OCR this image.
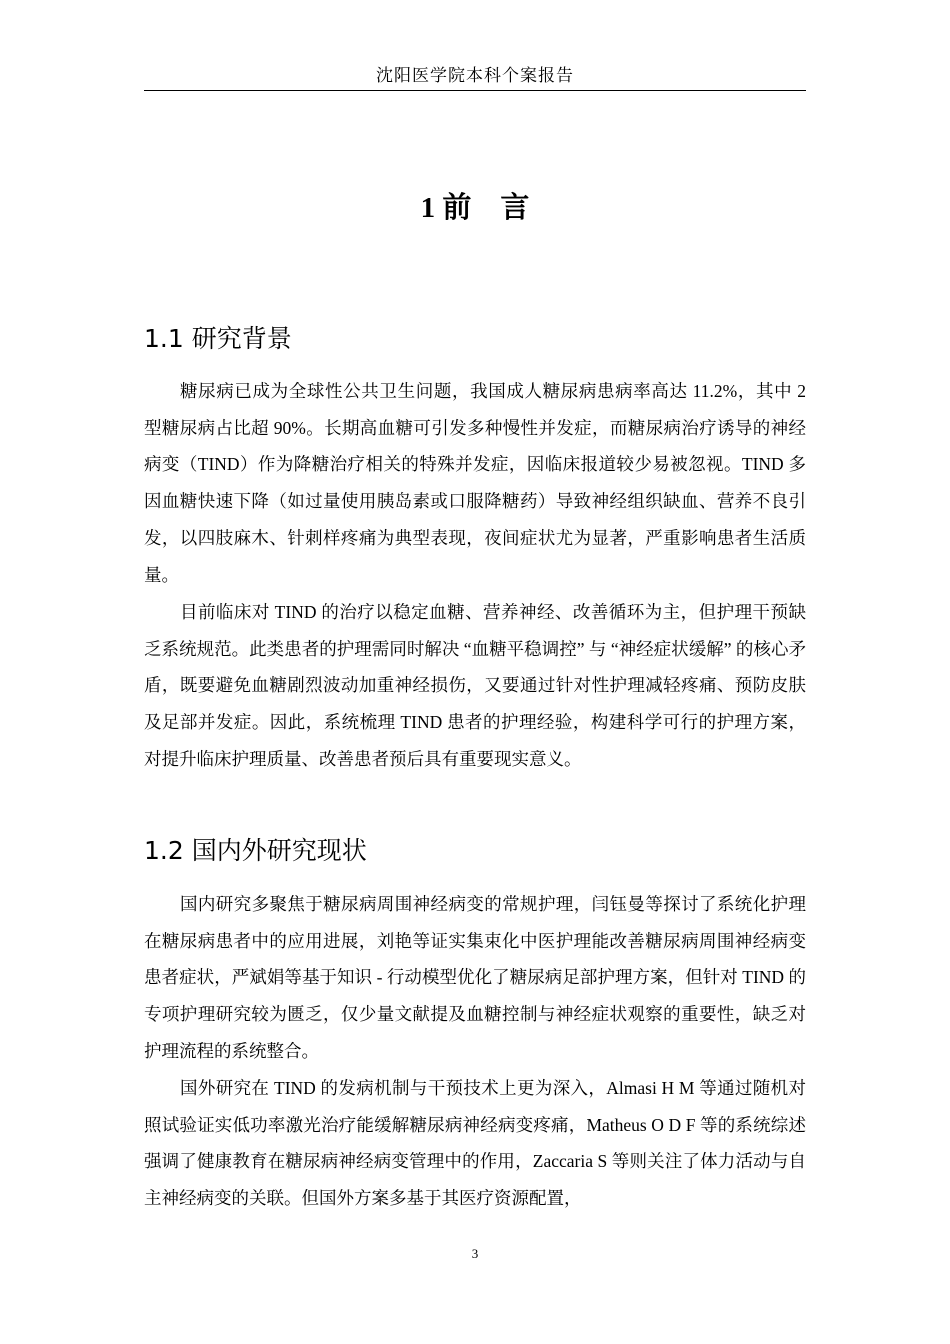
沈阳医学院本科个案报告
1 前　言
1.1 研究背景

糖尿病已成为全球性公共卫生问题，我国成人糖尿病患病率高达 11.2%，其中 2 型糖尿病占比超 90%。长期高血糖可引发多种慢性并发症，而糖尿病治疗诱导的神经病变（TIND）作为降糖治疗相关的特殊并发症，因临床报道较少易被忽视。TIND 多因血糖快速下降（如过量使用胰岛素或口服降糖药）导致神经组织缺血、营养不良引发，以四肢麻木、针刺样疼痛为典型表现，夜间症状尤为显著，严重影响患者生活质量。

目前临床对 TIND 的治疗以稳定血糖、营养神经、改善循环为主，但护理干预缺乏系统规范。此类患者的护理需同时解决 “血糖平稳调控” 与 “神经症状缓解” 的核心矛盾，既要避免血糖剧烈波动加重神经损伤，又要通过针对性护理减轻疼痛、预防皮肤及足部并发症。因此，系统梳理 TIND 患者的护理经验，构建科学可行的护理方案，对提升临床护理质量、改善患者预后具有重要现实意义。

1.2 国内外研究现状

国内研究多聚焦于糖尿病周围神经病变的常规护理，闫钰曼等探讨了系统化护理在糖尿病患者中的应用进展，刘艳等证实集束化中医护理能改善糖尿病周围神经病变患者症状，严斌娟等基于知识 - 行动模型优化了糖尿病足部护理方案，但针对 TIND 的专项护理研究较为匮乏，仅少量文献提及血糖控制与神经症状观察的重要性，缺乏对护理流程的系统整合。

国外研究在 TIND 的发病机制与干预技术上更为深入，Almasi H M 等通过随机对照试验证实低功率激光治疗能缓解糖尿病神经病变疼痛，Matheus O D F 等的系统综述强调了健康教育在糖尿病神经病变管理中的作用，Zaccaria S 等则关注了体力活动与自主神经病变的关联。但国外方案多基于其医疗资源配置，

3
